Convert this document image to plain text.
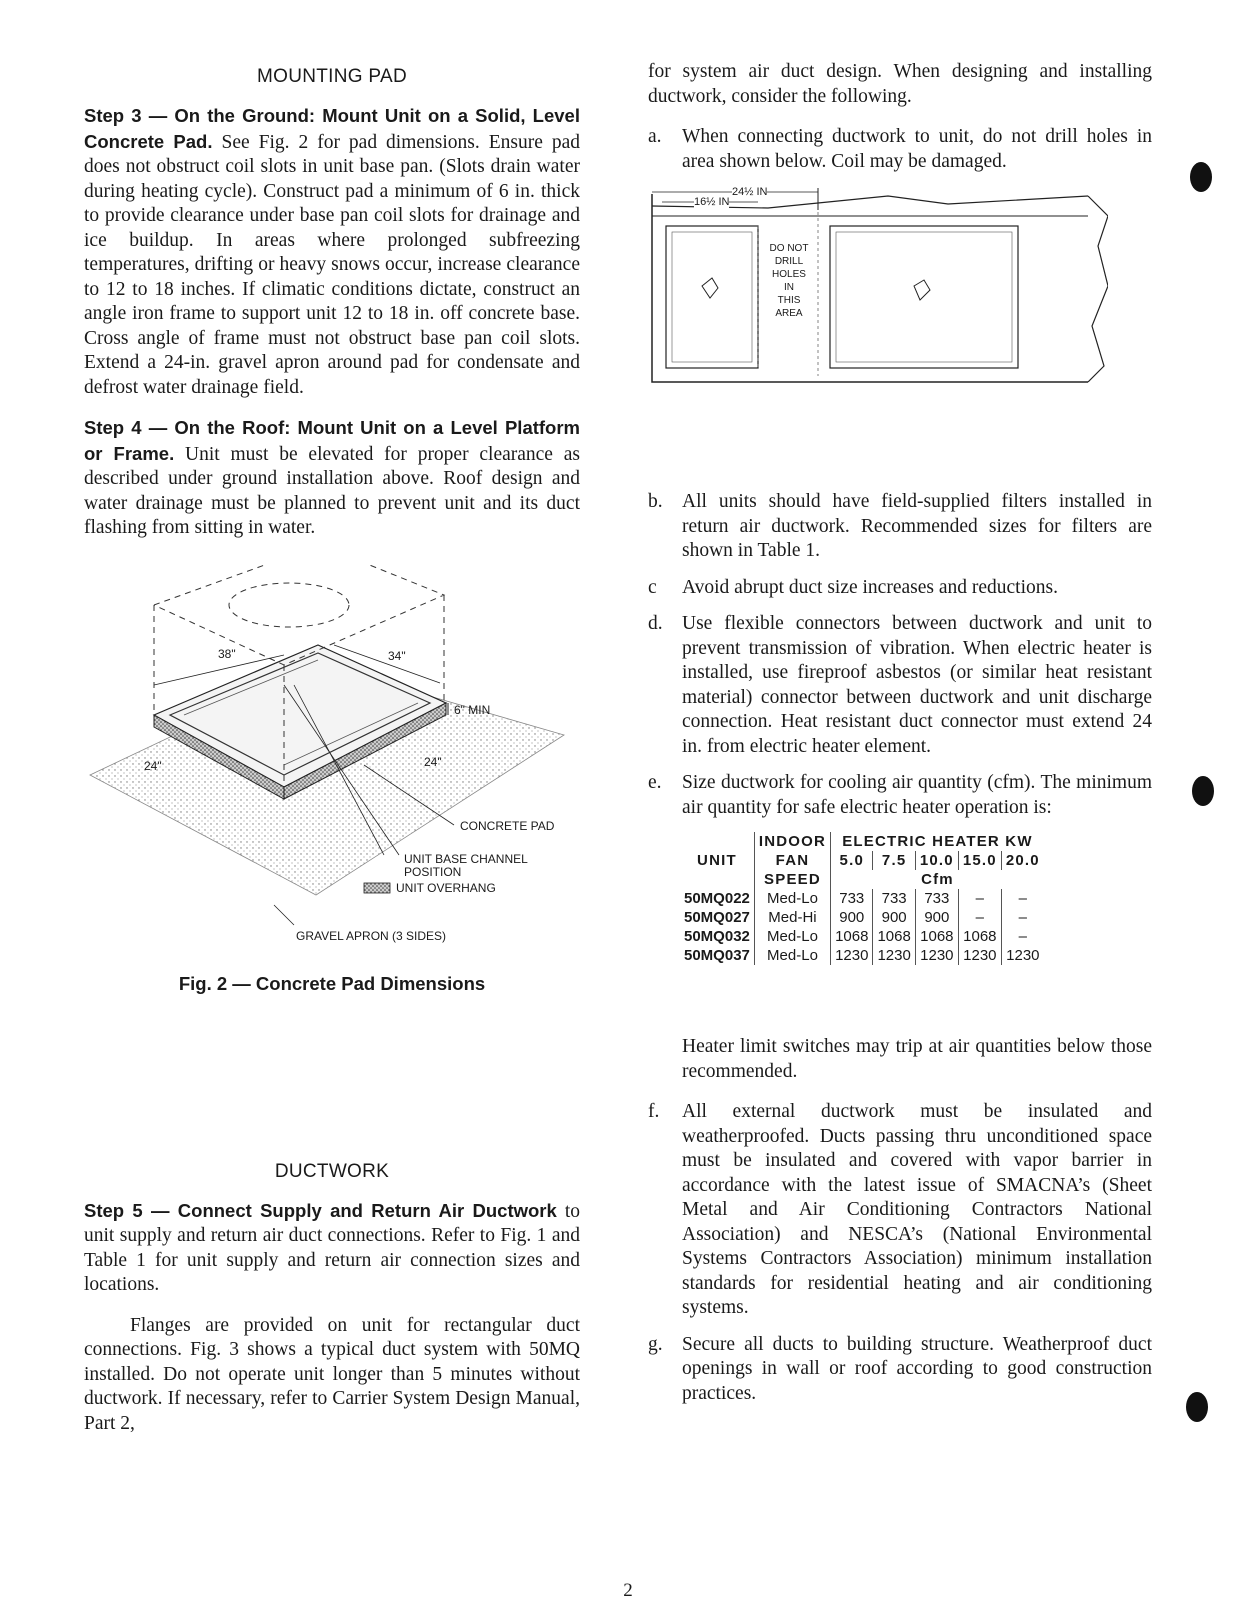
MOUNTING PAD

Step 3 — On the Ground: Mount Unit on a Solid, Level Concrete Pad. See Fig. 2 for pad dimensions. Ensure pad does not obstruct coil slots in unit base pan. (Slots drain water during heating cycle). Construct pad a minimum of 6 in. thick to provide clearance under base pan coil slots for drainage and ice buildup. In areas where prolonged subfreezing temperatures, drifting or heavy snows occur, increase clearance to 12 to 18 inches. If climatic conditions dictate, construct an angle iron frame to support unit 12 to 18 in. off concrete base. Cross angle of frame must not obstruct base pan coil slots. Extend a 24-in. gravel apron around pad for condensate and defrost water drainage field.

Step 4 — On the Roof: Mount Unit on a Level Platform or Frame. Unit must be elevated for proper clearance as described under ground installation above. Roof design and water drainage must be planned to prevent unit and its duct flashing from sitting in water.

38"	34"
6" MIN
24"	24"
CONCRETE PAD
UNIT BASE CHANNEL
POSITION
UNIT OVERHANG
GRAVEL APRON (3 SIDES)

Fig. 2 — Concrete Pad Dimensions

DUCTWORK

Step 5 — Connect Supply and Return Air Ductwork to unit supply and return air duct connections. Refer to Fig. 1 and Table 1 for unit supply and return air connection sizes and locations.

Flanges are provided on unit for rectangular duct connections. Fig. 3 shows a typical duct system with 50MQ installed. Do not operate unit longer than 5 minutes without ductwork. If necessary, refer to Carrier System Design Manual, Part 2,

for system air duct design. When designing and installing ductwork, consider the following.

a.	When connecting ductwork to unit, do not drill holes in area shown below. Coil may be damaged.
24½ IN
16½ IN
DO NOT
DRILL
HOLES
IN
THIS
AREA
b. All units should have field-supplied filters installed in return air ductwork. Recommended sizes for filters are shown in Table 1.
c	Avoid abrupt duct size increases and reductions.
d. Use flexible connectors between ductwork and unit to prevent transmission of vibration. When electric heater is installed, use fireproof asbestos (or similar heat resistant material) connector between ductwork and unit discharge connection. Heat resistant duct connector must extend 24 in. from electric heater element.
e.	Size ductwork for cooling air quantity (cfm). The minimum air quantity for safe electric heater operation is:
	INDOOR	ELECTRIC HEATER KW				
UNIT	FAN	5.0	7.5	10.0	15.0	20.0
	SPEED	Cfm				
50MQ022	Med-Lo	733	733	733	–	–
50MQ027	Med-Hi	900	900	900	–	–
50MQ032	Med-Lo	1068	1068	1068	1068	–
50MQ037	Med-Lo	1230	1230	1230	1230	1230

Heater limit switches may trip at air quantities below those recommended.

f.	All external ductwork must be insulated and weatherproofed. Ducts passing thru unconditioned space must be insulated and covered with vapor barrier in accordance with the latest issue of SMACNA’s (Sheet Metal and Air Conditioning Contractors National Association) and NESCA’s (National Environmental Systems Contractors Association) minimum installation standards for residential heating and air conditioning systems.
g. Secure all ducts to building structure. Weatherproof duct openings in wall or roof according to good construction practices.
2
